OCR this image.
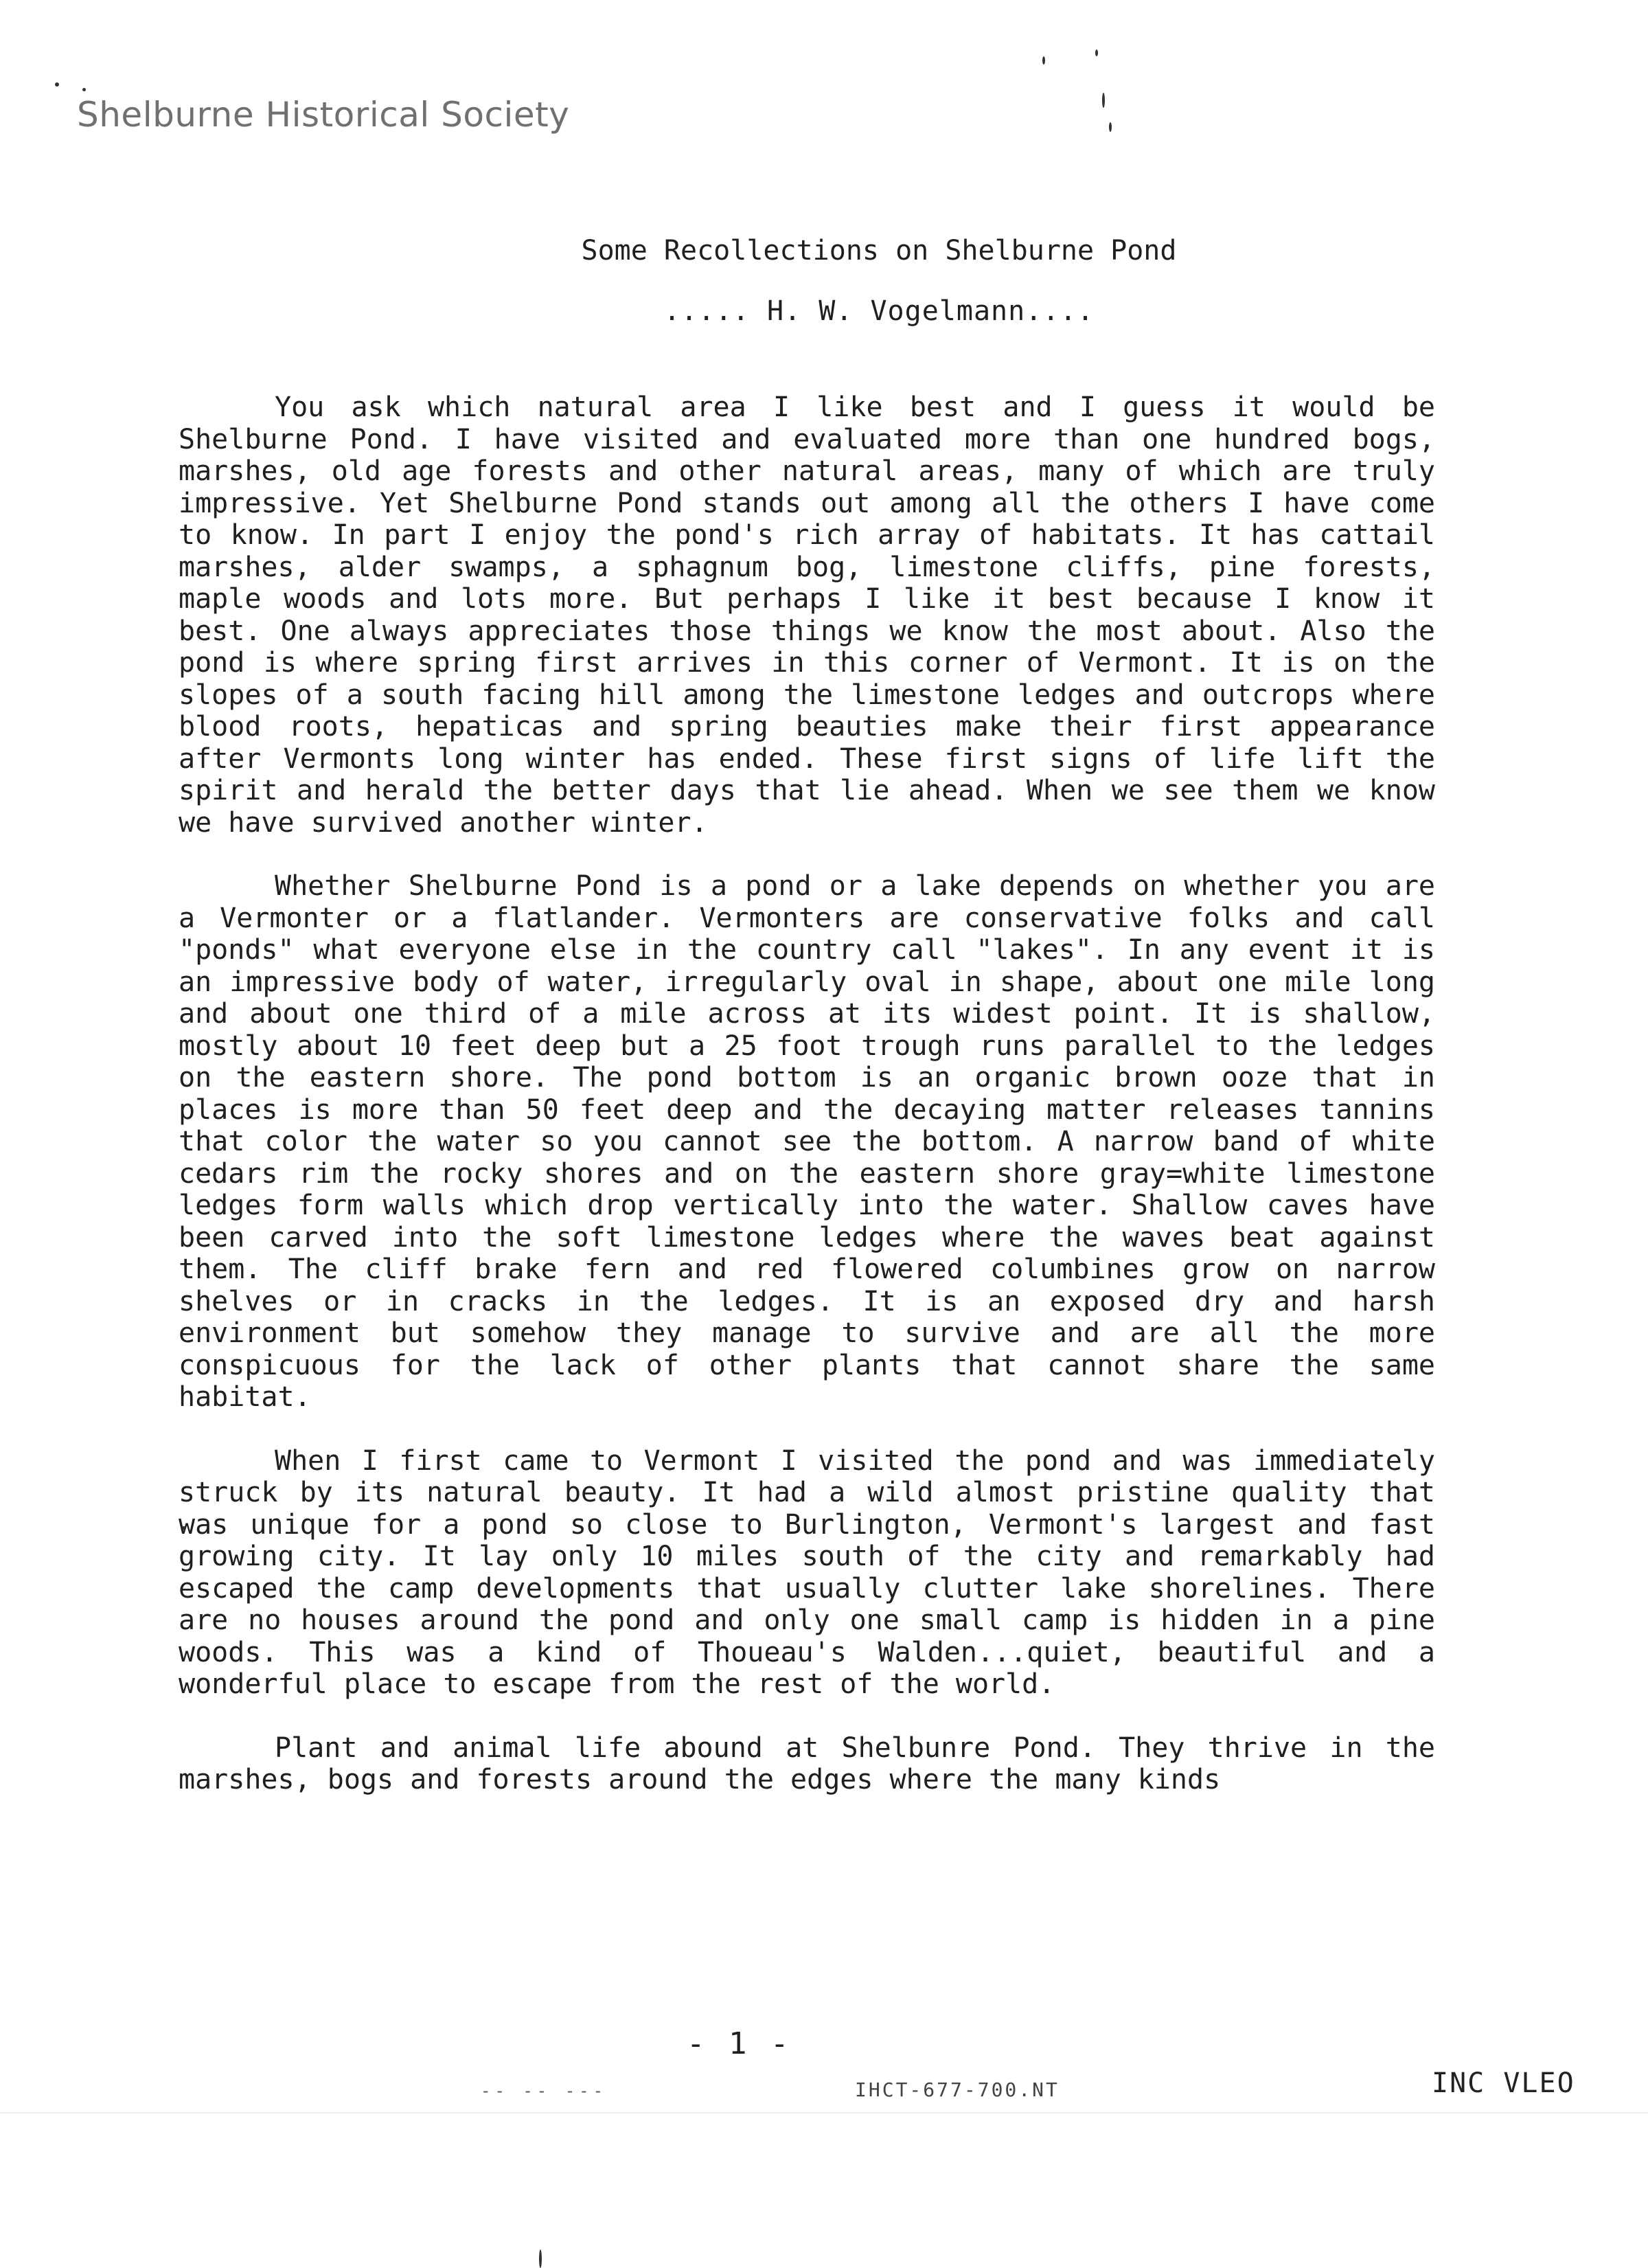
Shelburne Historical Society
Some Recollections on Shelburne Pond
..... H. W. Vogelmann....

You ask which natural area I like best and I guess it would be Shelburne Pond. I have visited and evaluated more than one hundred bogs, marshes, old age forests and other natural areas, many of which are truly impressive. Yet Shelburne Pond stands out among all the others I have come to know. In part I enjoy the pond's rich array of habitats. It has cattail marshes, alder swamps, a sphagnum bog, limestone cliffs, pine forests, maple woods and lots more. But perhaps I like it best because I know it best. One always appreciates those things we know the most about. Also the pond is where spring first arrives in this corner of Vermont. It is on the slopes of a south facing hill among the limestone ledges and outcrops where blood roots, hepaticas and spring beauties make their first appearance after Vermonts long winter has ended. These first signs of life lift the spirit and herald the better days that lie ahead. When we see them we know we have survived another winter.

Whether Shelburne Pond is a pond or a lake depends on whether you are a Vermonter or a flatlander. Vermonters are conservative folks and call "ponds" what everyone else in the country call "lakes". In any event it is an impressive body of water, irregularly oval in shape, about one mile long and about one third of a mile across at its widest point. It is shallow, mostly about 10 feet deep but a 25 foot trough runs parallel to the ledges on the eastern shore. The pond bottom is an organic brown ooze that in places is more than 50 feet deep and the decaying matter releases tannins that color the water so you cannot see the bottom. A narrow band of white cedars rim the rocky shores and on the eastern shore gray=white limestone ledges form walls which drop vertically into the water. Shallow caves have been carved into the soft limestone ledges where the waves beat against them. The cliff brake fern and red flowered columbines grow on narrow shelves or in cracks in the ledges. It is an exposed dry and harsh environment but somehow they manage to survive and are all the more conspicuous for the lack of other plants that cannot share the same habitat.

When I first came to Vermont I visited the pond and was immediately struck by its natural beauty. It had a wild almost pristine quality that was unique for a pond so close to Burlington, Vermont's largest and fast growing city. It lay only 10 miles south of the city and remarkably had escaped the camp developments that usually clutter lake shorelines. There are no houses around the pond and only one small camp is hidden in a pine woods. This was a kind of Thoueau's Walden...quiet, beautiful and a wonderful place to escape from the rest of the world.

Plant and animal life abound at Shelbunre Pond. They thrive in the marshes, bogs and forests around the edges where the many kinds

- 1 -
-- -- ---	IHCT-677-700.NT	INC VLEO
